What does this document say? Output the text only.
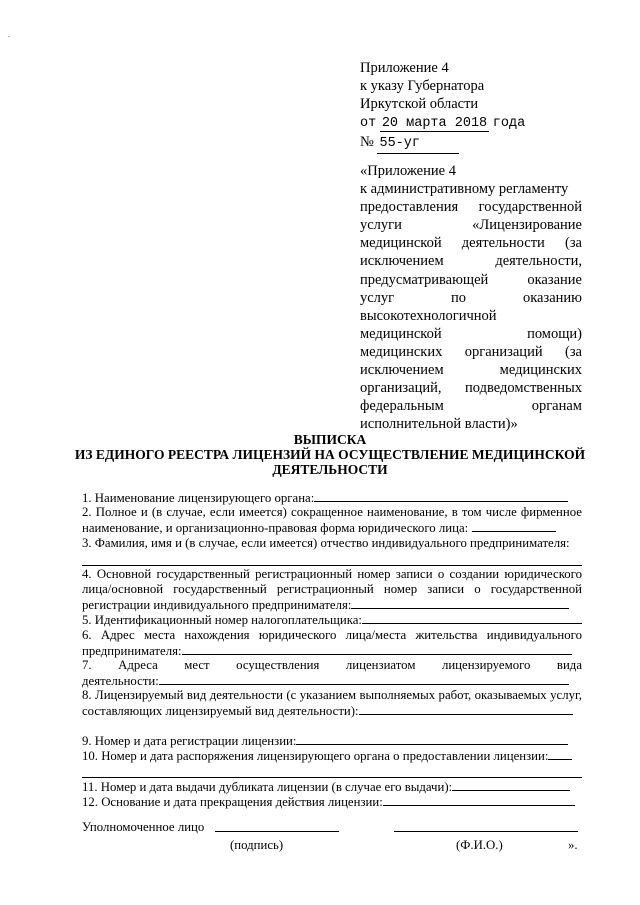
Приложение 4
к указу Губернатора
Иркутской области
от 20 марта 2018 года
№ 55-уг
«Приложение 4
к административному регламенту
предоставления государственной
услуги «Лицензирование
медицинской деятельности (за
исключением деятельности,
предусматривающей оказание
услуг по оказанию
высокотехнологичной
медицинской помощи)
медицинских организаций (за
исключением медицинских
организаций, подведомственных
федеральным органам
исполнительной власти)»
ВЫПИСКА
ИЗ ЕДИНОГО РЕЕСТРА ЛИЦЕНЗИЙ НА ОСУЩЕСТВЛЕНИЕ МЕДИЦИНСКОЙ
ДЕЯТЕЛЬНОСТИ
1. Наименование лицензирующего органа:
2. Полное и (в случае, если имеется) сокращенное наименование, в том числе фирменное
наименование, и организационно-правовая форма юридического лица:
3. Фамилия, имя и (в случае, если имеется) отчество индивидуального предпринимателя:
4. Основной государственный регистрационный номер записи о создании юридического
лица/основной государственный регистрационный номер записи о государственной
регистрации индивидуального предпринимателя:
5. Идентификационный номер налогоплательщика:
6. Адрес места нахождения юридического лица/места жительства индивидуального
предпринимателя:
7. Адреса мест осуществления лицензиатом лицензируемого вида
деятельности:
8. Лицензируемый вид деятельности (с указанием выполняемых работ, оказываемых услуг,
составляющих лицензируемый вид деятельности):
9. Номер и дата регистрации лицензии:
10. Номер и дата распоряжения лицензирующего органа о предоставлении лицензии:
11. Номер и дата выдачи дубликата лицензии (в случае его выдачи):
12. Основание и дата прекращения действия лицензии:
Уполномоченное лицо
(подпись)	(Ф.И.О.)	».
